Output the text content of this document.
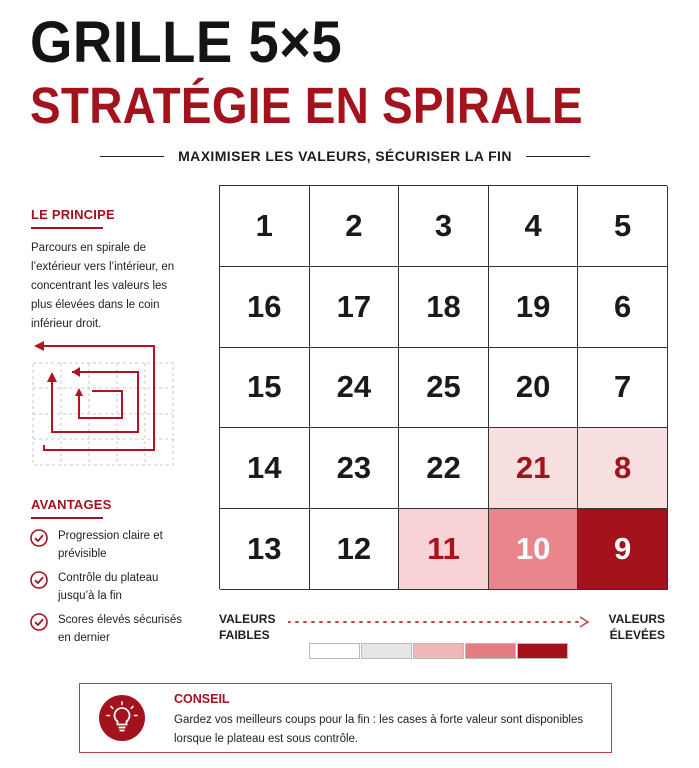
GRILLE 5×5
STRATÉGIE EN SPIRALE
MAXIMISER LES VALEURS, SÉCURISER LA FIN
LE PRINCIPE

Parcours en spirale de l’extérieur vers l’intérieur, en concentrant les valeurs les plus élevées dans le coin inférieur droit.

AVANTAGES
Progression claire et prévisible
Contrôle du plateau jusqu’à la fin
Scores élevés sécurisés en dernier
1	2	3	4	5
16	17	18	19	6
15	24	25	20	7
14	23	22	21	8
13	12	11	10	9
VALEURS
FAIBLES
VALEURS
ÉLEVÉES
CONSEIL

Gardez vos meilleurs coups pour la fin : les cases à forte valeur sont disponibles lorsque le plateau est sous contrôle.
